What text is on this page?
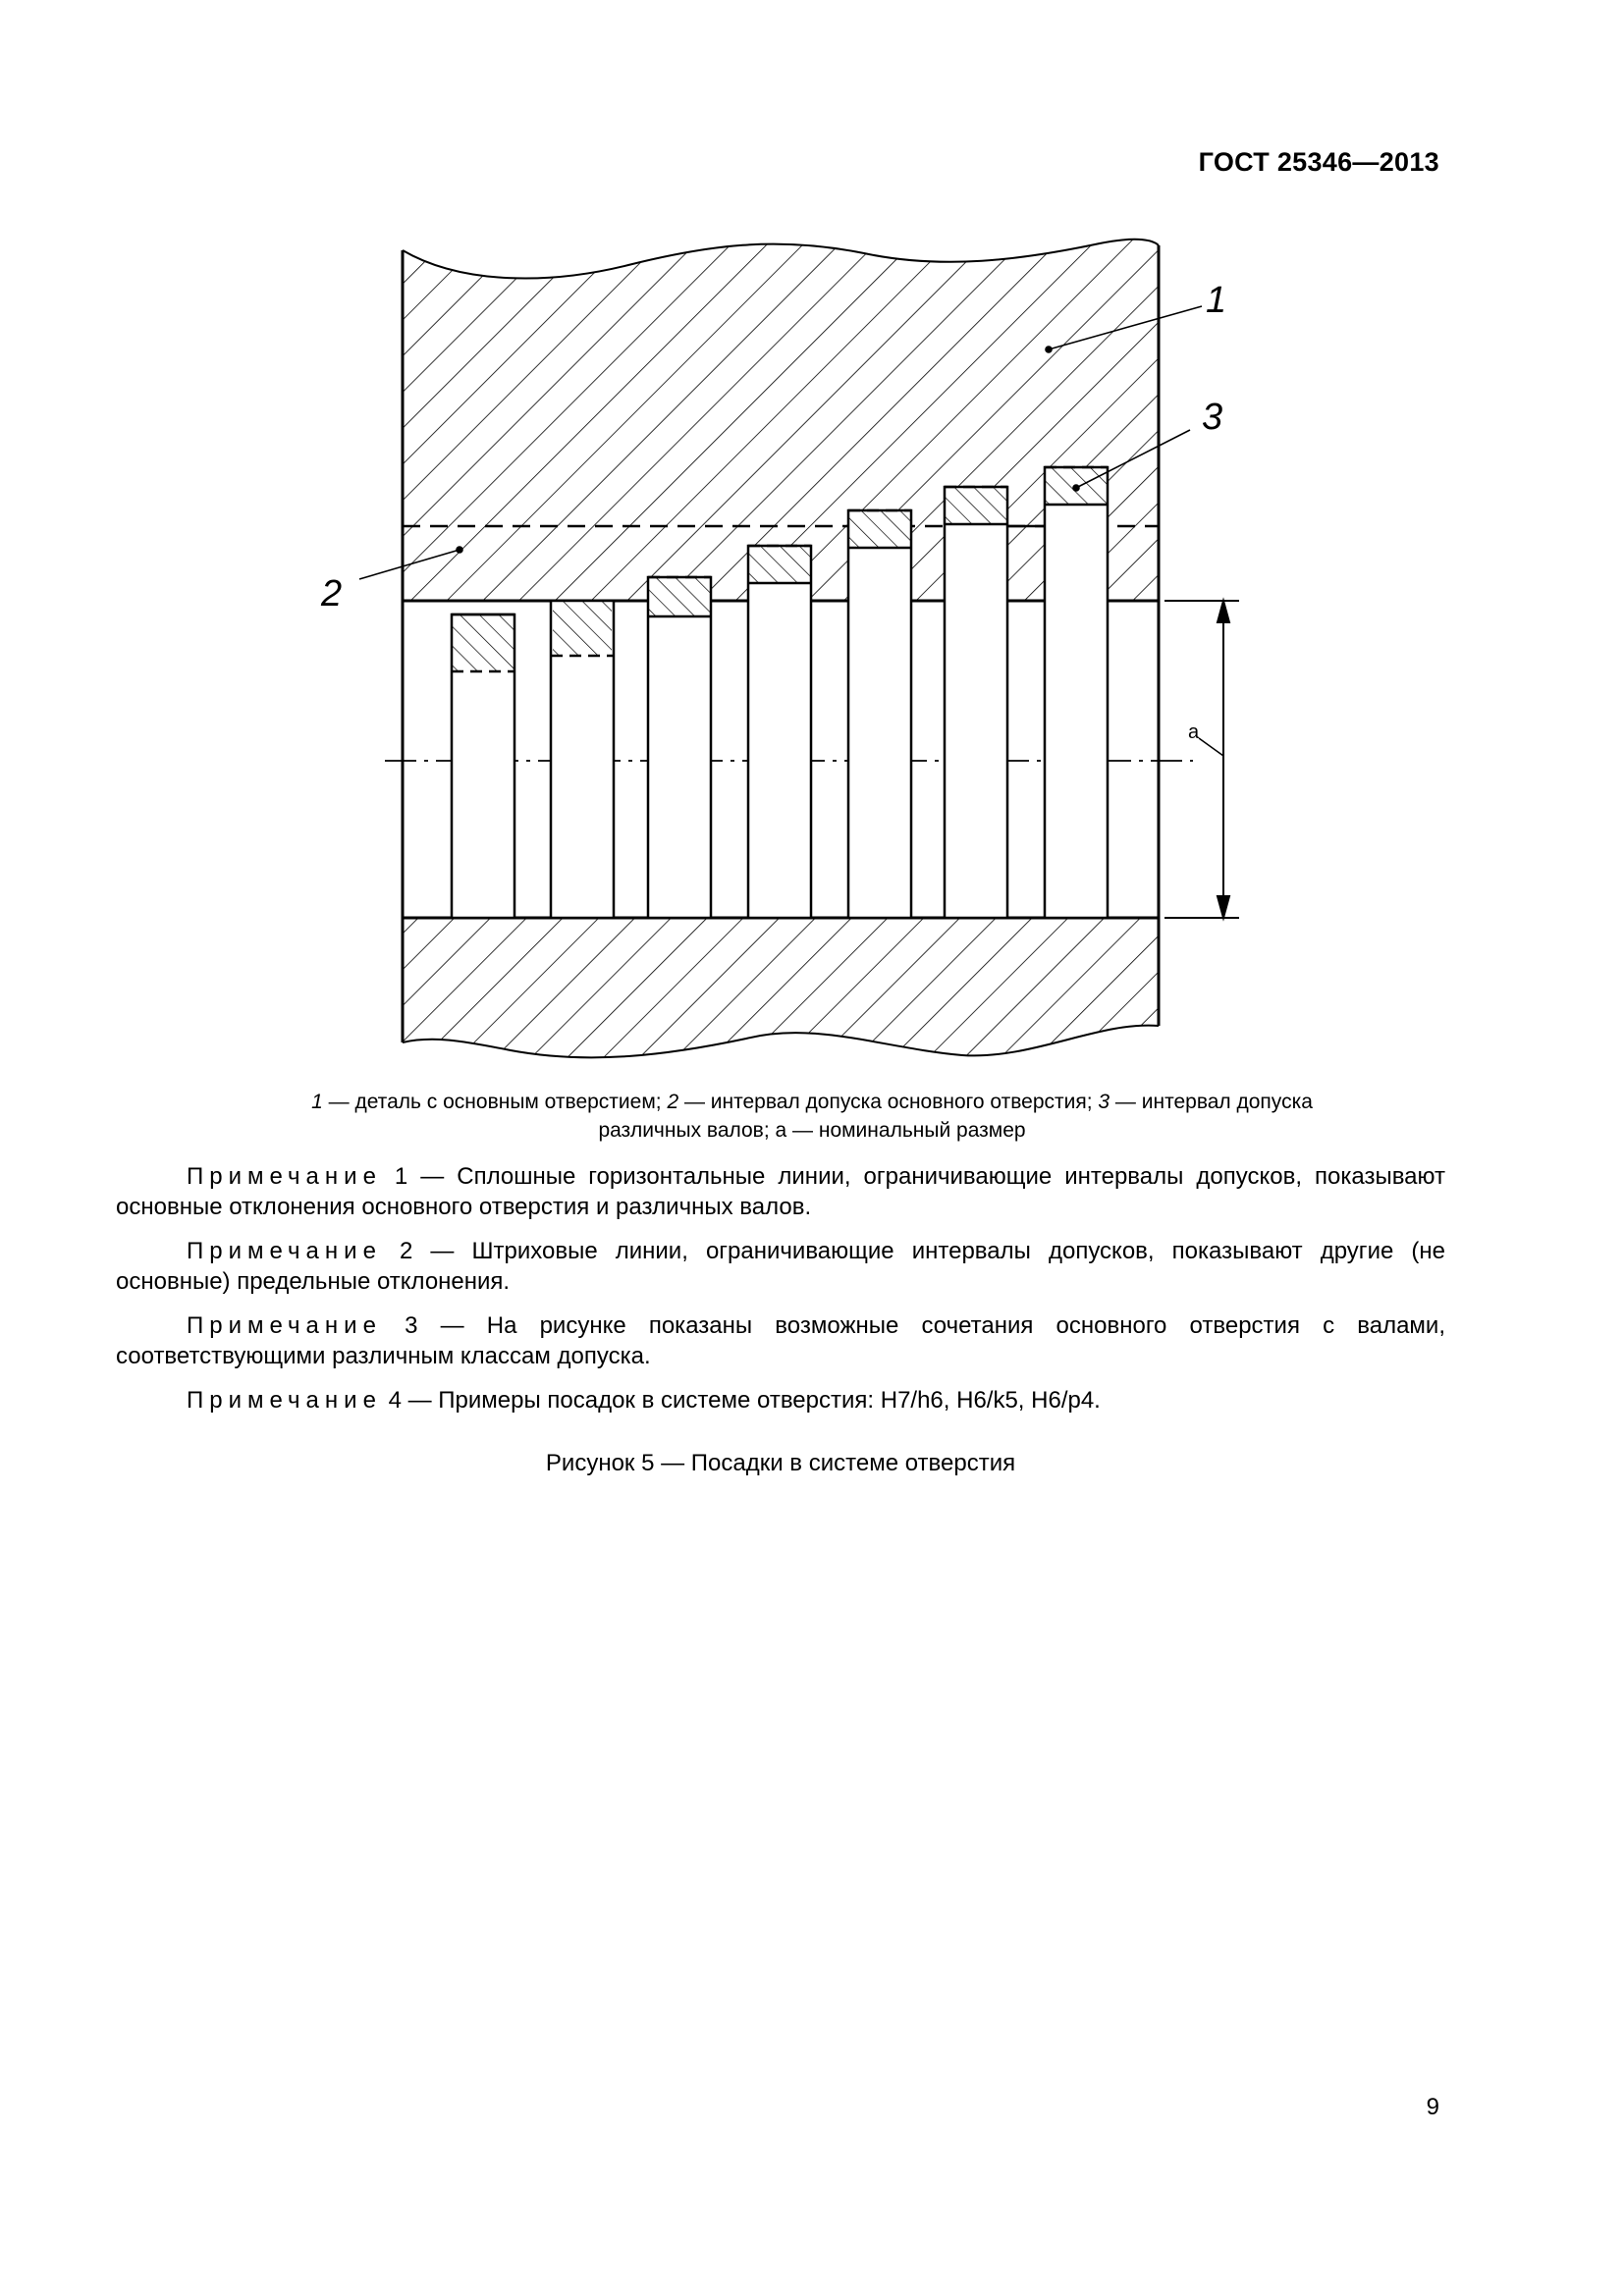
ГОСТ 25346—2013
1
3
2
a
1 — деталь с основным отверстием; 2 — интервал допуска основного отверстия; 3 — интервал допуска
различных валов; а — номинальный размер

Примечание 1 — Сплошные горизонтальные линии, ограничивающие интервалы допусков, показывают основные отклонения основного отверстия и различных валов.

Примечание 2 — Штриховые линии, ограничивающие интервалы допусков, показывают другие (не основные) предельные отклонения.

Примечание 3 — На рисунке показаны возможные сочетания основного отверстия с валами, соответствующими различным классам допуска.

Примечание 4 — Примеры посадок в системе отверстия: H7/h6, H6/k5, H6/p4.

Рисунок 5 — Посадки в системе отверстия
9
